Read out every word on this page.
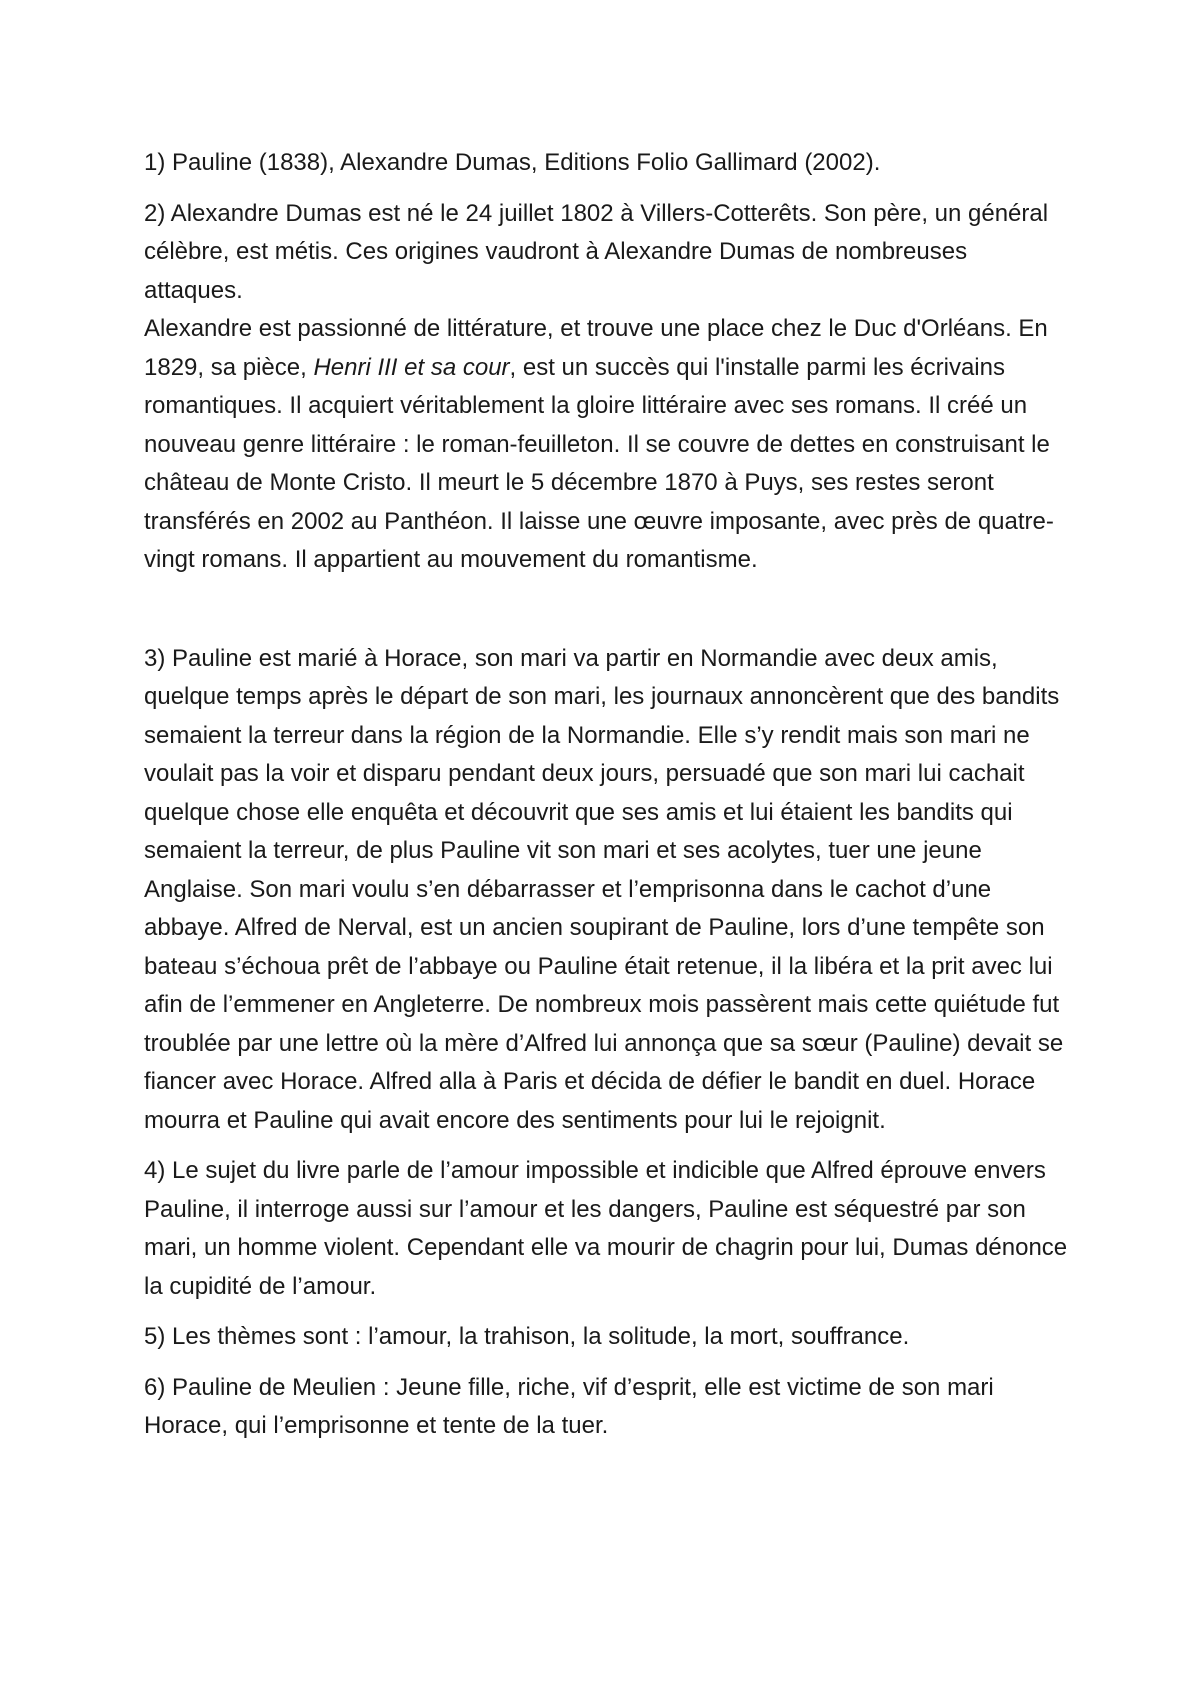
1) Pauline (1838), Alexandre Dumas, Editions Folio Gallimard (2002).

2) Alexandre Dumas est né le 24 juillet 1802 à Villers-Cotterêts. Son père, un général célèbre, est métis. Ces origines vaudront à Alexandre Dumas de nombreuses attaques.

Alexandre est passionné de littérature, et trouve une place chez le Duc d'Orléans. En 1829, sa pièce, Henri III et sa cour, est un succès qui l'installe parmi les écrivains romantiques. Il acquiert véritablement la gloire littéraire avec ses romans. Il créé un nouveau genre littéraire : le roman-feuilleton. Il se couvre de dettes en construisant le château de Monte Cristo. Il meurt le 5 décembre 1870 à Puys, ses restes seront transférés en 2002 au Panthéon. Il laisse une œuvre imposante, avec près de quatre-vingt romans. Il appartient au mouvement du romantisme.

3) Pauline est marié à Horace, son mari va partir en Normandie avec deux amis, quelque temps après le départ de son mari, les journaux annoncèrent que des bandits semaient la terreur dans la région de la Normandie. Elle s’y rendit mais son mari ne voulait pas la voir et disparu pendant deux jours, persuadé que son mari lui cachait quelque chose elle enquêta et découvrit que ses amis et lui étaient les bandits qui semaient la terreur, de plus Pauline vit son mari et ses acolytes, tuer une jeune Anglaise. Son mari voulu s’en débarrasser et l’emprisonna dans le cachot d’une abbaye. Alfred de Nerval, est un ancien soupirant de Pauline, lors d’une tempête son bateau s’échoua prêt de l’abbaye ou Pauline était retenue, il la libéra et la prit avec lui afin de l’emmener en Angleterre. De nombreux mois passèrent mais cette quiétude fut troublée par une lettre où la mère d’Alfred lui annonça que sa sœur (Pauline) devait se fiancer avec Horace. Alfred alla à Paris et décida de défier le bandit en duel. Horace mourra et Pauline qui avait encore des sentiments pour lui le rejoignit.

4) Le sujet du livre parle de l’amour impossible et indicible que Alfred éprouve envers Pauline, il interroge aussi sur l’amour et les dangers, Pauline est séquestré par son mari, un homme violent. Cependant elle va mourir de chagrin pour lui, Dumas dénonce la cupidité de l’amour.

5) Les thèmes sont : l’amour, la trahison, la solitude, la mort, souffrance.

6) Pauline de Meulien : Jeune fille, riche, vif d’esprit, elle est victime de son mari Horace, qui l’emprisonne et tente de la tuer.
